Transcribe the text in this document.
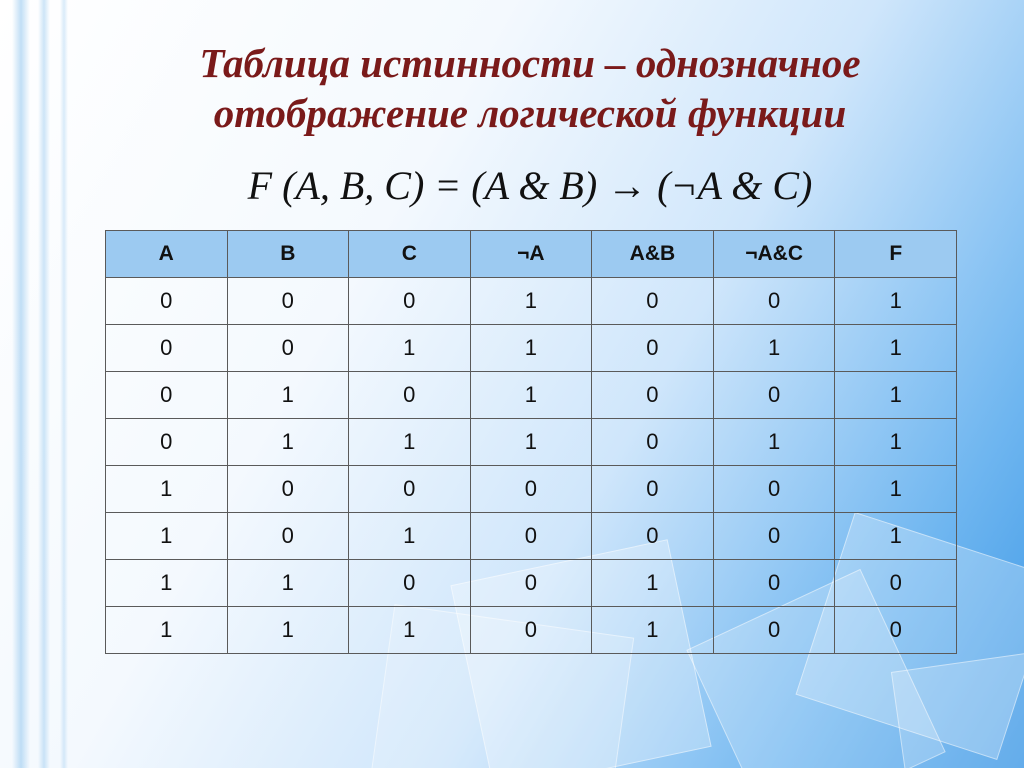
Таблица истинности – однозначное
отображение логической функции
F (A, B, C) = (A & B) → (¬A & C)
A	B	C	¬A	A&B	¬A&C	F
0	0	0	1	0	0	1
0	0	1	1	0	1	1
0	1	0	1	0	0	1
0	1	1	1	0	1	1
1	0	0	0	0	0	1
1	0	1	0	0	0	1
1	1	0	0	1	0	0
1	1	1	0	1	0	0
